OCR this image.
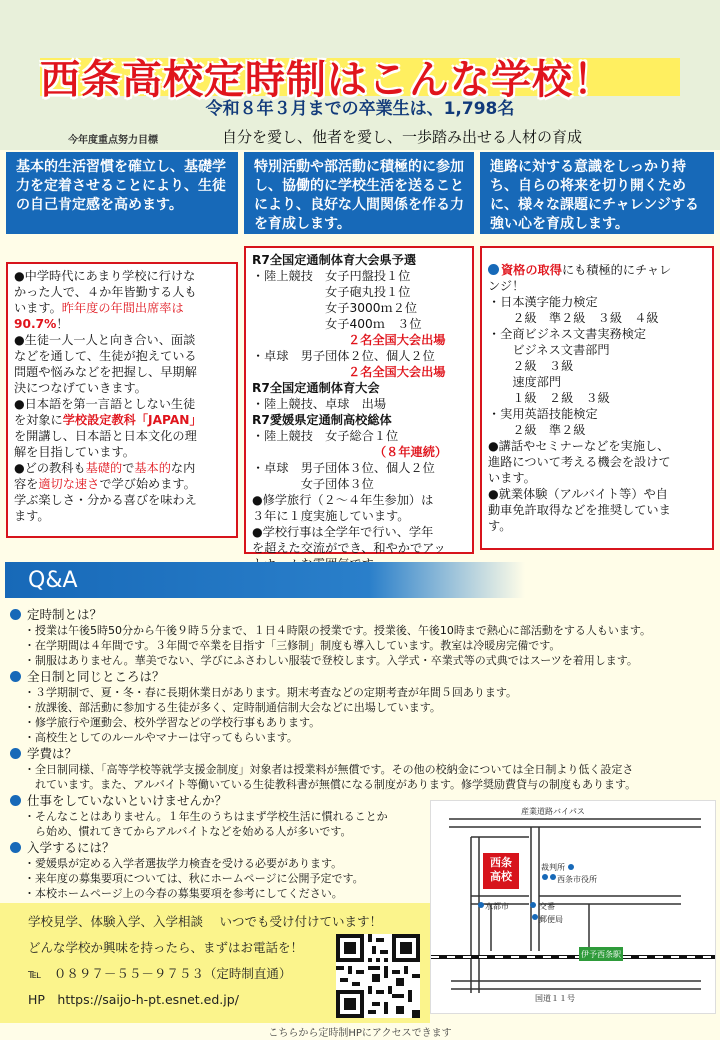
西条高校定時制はこんな学校！
令和８年３月までの卒業生は、1,798名
今年度重点努力目標	自分を愛し、他者を愛し、一歩踏み出せる人材の育成
基本的生活習慣を確立し、基礎学力を定着させることにより、生徒の自己肯定感を高めます。
特別活動や部活動に積極的に参加し、協働的に学校生活を送ることにより、良好な人間関係を作る力を育成します。
進路に対する意識をしっかり持ち、自らの将来を切り開くために、様々な課題にチャレンジする強い心を育成します。
●中学時代にあまり学校に行けな
かった人で、４か年皆勤する人も
います。昨年度の年間出席率は
90.7%！
●生徒一人一人と向き合い、面談
などを通して、生徒が抱えている
問題や悩みなどを把握し、早期解
決につなげていきます。
●日本語を第一言語としない生徒
を対象に学校設定教科「JAPAN」
を開講し、日本語と日本文化の理
解を目指しています。
●どの教科も基礎的で基本的な内
容を適切な速さで学び始めます。
学ぶ楽しさ・分かる喜びを味わえ
ます。
R7全国定通制体育大会県予選
・陸上競技　女子円盤投１位
　　　　　　女子砲丸投１位
　　　　　　女子3000ｍ２位
　　　　　　女子400ｍ　３位
２名全国大会出場
・卓球　男子団体２位、個人２位
２名全国大会出場
R7全国定通制体育大会
・陸上競技、卓球　出場
R7愛媛県定通制高校総体
・陸上競技　女子総合１位
（８年連続）
・卓球　男子団体３位、個人２位
　　　　女子団体３位
●修学旅行（２～４年生参加）は
３年に１度実施しています。
●学校行事は全学年で行い、学年
を超えた交流ができ、和やかでアッ
資格の取得にも積極的にチャレ
ンジ！
・日本漢字能力検定
　　２級　準２級　３級　４級
・全商ビジネス文書実務検定
　　ビジネス文書部門
　　２級　３級
　　速度部門
　　１級　２級　３級
・実用英語技能検定
　　２級　準２級
●講話やセミナーなどを実施し、
進路について考える機会を設けて
います。
●就業体験（アルバイト等）や自
動車免許取得などを推奨していま
す。
Q&A
定時制とは？
・授業は午後5時50分から午後９時５分まで、１日４時限の授業です。授業後、午後10時まで熱心に部活動をする人もいます。
・在学期間は４年間です。３年間で卒業を目指す「三修制」制度も導入しています。教室は冷暖房完備です。
・制服はありません。華美でない、学びにふさわしい服装で登校します。入学式・卒業式等の式典ではスーツを着用します。
全日制と同じところは？
・３学期制で、夏・冬・春に長期休業日があります。期末考査などの定期考査が年間５回あります。
・放課後、部活動に参加する生徒が多く、定時制通信制大会などに出場しています。
・修学旅行や運動会、校外学習などの学校行事もあります。
・高校生としてのルールやマナーは守ってもらいます。
学費は？
・全日制同様、「高等学校等就学支援金制度」対象者は授業料が無償です。その他の校納金については全日制より低く設定さ
　れています。また、アルバイト等働いている生徒教科書が無償になる制度があります。修学奨励費貸与の制度もあります。
仕事をしていないといけませんか？
・そんなことはありません。１年生のうちはまず学校生活に慣れることか
　ら始め、慣れてきてからアルバイトなどを始める人が多いです。
入学するには？
・愛媛県が定める入学者選抜学力検査を受ける必要があります。
・来年度の募集要項については、秋にホームページに公開予定です。
・本校ホームページ上の今春の募集要項を参考にしてください。
学校見学、体験入学、入学相談　 いつでも受け付けています！
どんな学校か興味を持ったら、まずはお電話を！
℡　０８９７－５５－９７５３（定時制直通）
HP　https://saijo-h-pt.esnet.ed.jp/
産業道路バイパス
西条高校
裁判所
西条市役所
水都市	交番
郵便局
伊予西条駅
国道１１号
こちらから定時制HPにアクセスできます
